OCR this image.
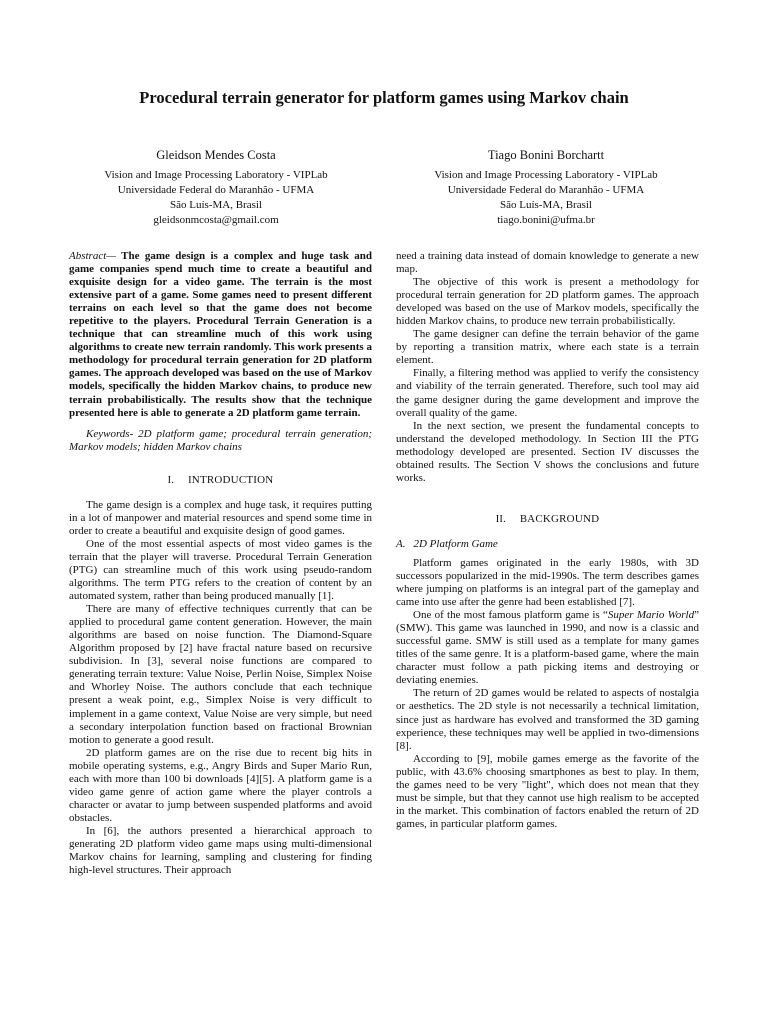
Procedural terrain generator for platform games using Markov chain
Gleidson Mendes Costa
Vision and Image Processing Laboratory - VIPLab
Universidade Federal do Maranhão - UFMA
São Luís-MA, Brasil
gleidsonmcosta@gmail.com
Tiago Bonini Borchartt
Vision and Image Processing Laboratory - VIPLab
Universidade Federal do Maranhão - UFMA
São Luís-MA, Brasil
tiago.bonini@ufma.br

Abstract— The game design is a complex and huge task and game companies spend much time to create a beautiful and exquisite design for a video game. The terrain is the most extensive part of a game. Some games need to present different terrains on each level so that the game does not become repetitive to the players. Procedural Terrain Generation is a technique that can streamline much of this work using algorithms to create new terrain randomly. This work presents a methodology for procedural terrain generation for 2D platform games. The approach developed was based on the use of Markov models, specifically the hidden Markov chains, to produce new terrain probabilistically. The results show that the technique presented here is able to generate a 2D platform game terrain.

Keywords- 2D platform game; procedural terrain generation; Markov models; hidden Markov chains

I. INTRODUCTION

The game design is a complex and huge task, it requires putting in a lot of manpower and material resources and spend some time in order to create a beautiful and exquisite design of good games.

One of the most essential aspects of most video games is the terrain that the player will traverse. Procedural Terrain Generation (PTG) can streamline much of this work using pseudo-random algorithms. The term PTG refers to the creation of content by an automated system, rather than being produced manually [1].

There are many of effective techniques currently that can be applied to procedural game content generation. However, the main algorithms are based on noise function. The Diamond-Square Algorithm proposed by [2] have fractal nature based on recursive subdivision. In [3], several noise functions are compared to generating terrain texture: Value Noise, Perlin Noise, Simplex Noise and Whorley Noise. The authors conclude that each technique present a weak point, e.g., Simplex Noise is very difficult to implement in a game context, Value Noise are very simple, but need a secondary interpolation function based on fractional Brownian motion to generate a good result.

2D platform games are on the rise due to recent big hits in mobile operating systems, e.g., Angry Birds and Super Mario Run, each with more than 100 bi downloads [4][5]. A platform game is a video game genre of action game where the player controls a character or avatar to jump between suspended platforms and avoid obstacles.

In [6], the authors presented a hierarchical approach to generating 2D platform video game maps using multi-dimensional Markov chains for learning, sampling and clustering for finding high-level structures. Their approach

need a training data instead of domain knowledge to generate a new map.

The objective of this work is present a methodology for procedural terrain generation for 2D platform games. The approach developed was based on the use of Markov models, specifically the hidden Markov chains, to produce new terrain probabilistically.

The game designer can define the terrain behavior of the game by reporting a transition matrix, where each state is a terrain element.

Finally, a filtering method was applied to verify the consistency and viability of the terrain generated. Therefore, such tool may aid the game designer during the game development and improve the overall quality of the game.

In the next section, we present the fundamental concepts to understand the developed methodology. In Section III the PTG methodology developed are presented. Section IV discusses the obtained results. The Section V shows the conclusions and future works.

II. BACKGROUND

A. 2D Platform Game

Platform games originated in the early 1980s, with 3D successors popularized in the mid-1990s. The term describes games where jumping on platforms is an integral part of the gameplay and came into use after the genre had been established [7].

One of the most famous platform game is “Super Mario World” (SMW). This game was launched in 1990, and now is a classic and successful game. SMW is still used as a template for many games titles of the same genre. It is a platform-based game, where the main character must follow a path picking items and destroying or deviating enemies.

The return of 2D games would be related to aspects of nostalgia or aesthetics. The 2D style is not necessarily a technical limitation, since just as hardware has evolved and transformed the 3D gaming experience, these techniques may well be applied in two-dimensions [8].

According to [9], mobile games emerge as the favorite of the public, with 43.6% choosing smartphones as best to play. In them, the games need to be very "light", which does not mean that they must be simple, but that they cannot use high realism to be accepted in the market. This combination of factors enabled the return of 2D games, in particular platform games.
